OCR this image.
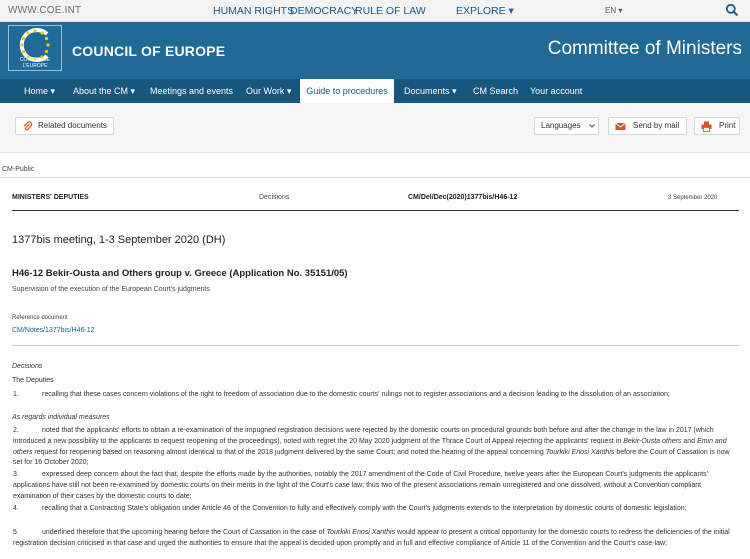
WWW.COE.INT	HUMAN RIGHTS
DEMOCRACY
RULE OF LAW	EXPLORE ▾	EN ▾
CONSEIL DE L'EUROPE
COUNCIL OF EUROPE	Committee of Ministers
Home ▾	About the CM ▾	Meetings and events	Our Work ▾	Guide to procedures	Documents ▾	CM Search	Your account
Related documents	Languages	Send by mail	Print
CM-Public
MINISTERS' DEPUTIES	Decisions	CM/Del/Dec(2020)1377bis/H46-12	3 September 2020
1377bis meeting, 1-3 September 2020 (DH)
H46-12 Bekir-Ousta and Others group v. Greece (Application No. 35151/05)
Supervision of the execution of the European Court's judgments
Reference document
CM/Notes/1377bis/H46-12
Decisions
The Deputies
1.	recalling that these cases concern violations of the right to freedom of association due to the domestic courts' rulings not to register associations and a decision leading to the dissolution of an association;
As regards individual measures
2.	noted that the applicants' efforts to obtain a re-examination of the impugned registration decisions were rejected by the domestic courts on procedural grounds both before and after the change in the law in 2017 (which introduced a new possibility to the applicants to request reopening of the proceedings), noted with regret the 20 May 2020 judgment of the Thrace Court of Appeal rejecting the applicants' request in Bekir-Ousta others and Emin and others request for reopening based on reasoning almost identical to that of the 2018 judgment delivered by the same Court; and noted the hearing of the appeal concerning Tourkiki Enosi Xanthis before the Court of Cassation is now set for 16 October 2020;
3.	expressed deep concern about the fact that, despite the efforts made by the authorities, notably the 2017 amendment of the Code of Civil Procedure, twelve years after the European Court's judgments the applicants' applications have still not been re-examined by domestic courts on their merits in the light of the Court's case law; thus two of the present associations remain unregistered and one dissolved, without a Convention compliant examination of their cases by the domestic courts to date;
4.	recalling that a Contracting State's obligation under Article 46 of the Convention to fully and effectively comply with the Court's judgments extends to the interpretation by domestic courts of domestic legislation;
5.	underlined therefore that the upcoming hearing before the Court of Cassation in the case of Tourkiki Enosi Xanthis would appear to present a critical opportunity for the domestic courts to redress the deficiencies of the initial registration decision criticised in that case and urged the authorities to ensure that the appeal is decided upon promptly and in full and effective compliance of Article 11 of the Convention and the Court's case-law;
